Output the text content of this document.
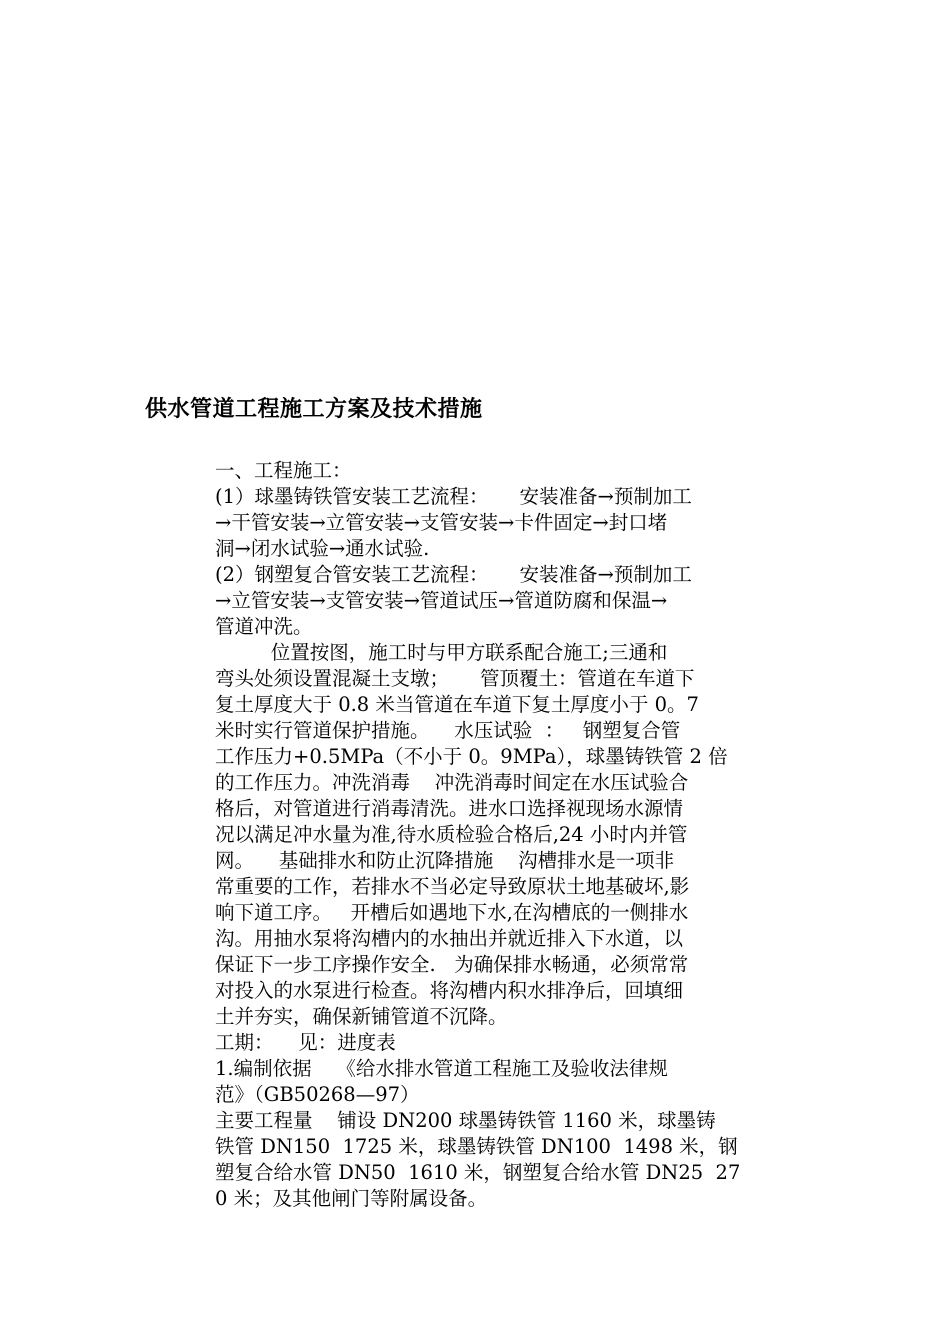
供水管道工程施工方案及技术措施
一、工程施工：
(1）球墨铸铁管安装工艺流程：     安装准备→预制加工
→干管安装→立管安装→支管安装→卡件固定→封口堵
洞→闭水试验→通水试验.
(2）钢塑复合管安装工艺流程：     安装准备→预制加工
→立管安装→支管安装→管道试压→管道防腐和保温→
管道冲洗。
位置按图，施工时与甲方联系配合施工;三通和
弯头处须设置混凝土支墩；     管顶覆土：管道在车道下
复土厚度大于 0.8 米当管道在车道下复土厚度小于 0。7
米时实行管道保护措施。    水压试验  ：   钢塑复合管
工作压力+0.5MPa（不小于 0。9MPa），球墨铸铁管 2 倍
的工作压力。冲洗消毒    冲洗消毒时间定在水压试验合
格后，对管道进行消毒清洗。进水口选择视现场水源情
况以满足冲水量为准,待水质检验合格后,24 小时内并管
网。    基础排水和防止沉降措施    沟槽排水是一项非
常重要的工作，若排水不当必定导致原状土地基破坏,影
响下道工序。   开槽后如遇地下水,在沟槽底的一侧排水
沟。用抽水泵将沟槽内的水抽出并就近排入下水道，以
保证下一步工序操作安全.   为确保排水畅通，必须常常
对投入的水泵进行检查。将沟槽内积水排净后，回填细
土并夯实，确保新铺管道不沉降。
工期：    见：进度表
1.编制依据    《给水排水管道工程施工及验收法律规
范》（GB50268—97）
主要工程量    铺设 DN200 球墨铸铁管 1160 米，球墨铸
铁管 DN150  1725 米，球墨铸铁管 DN100  1498 米，钢
塑复合给水管 DN50  1610 米，钢塑复合给水管 DN25  27
0 米；及其他闸门等附属设备。
